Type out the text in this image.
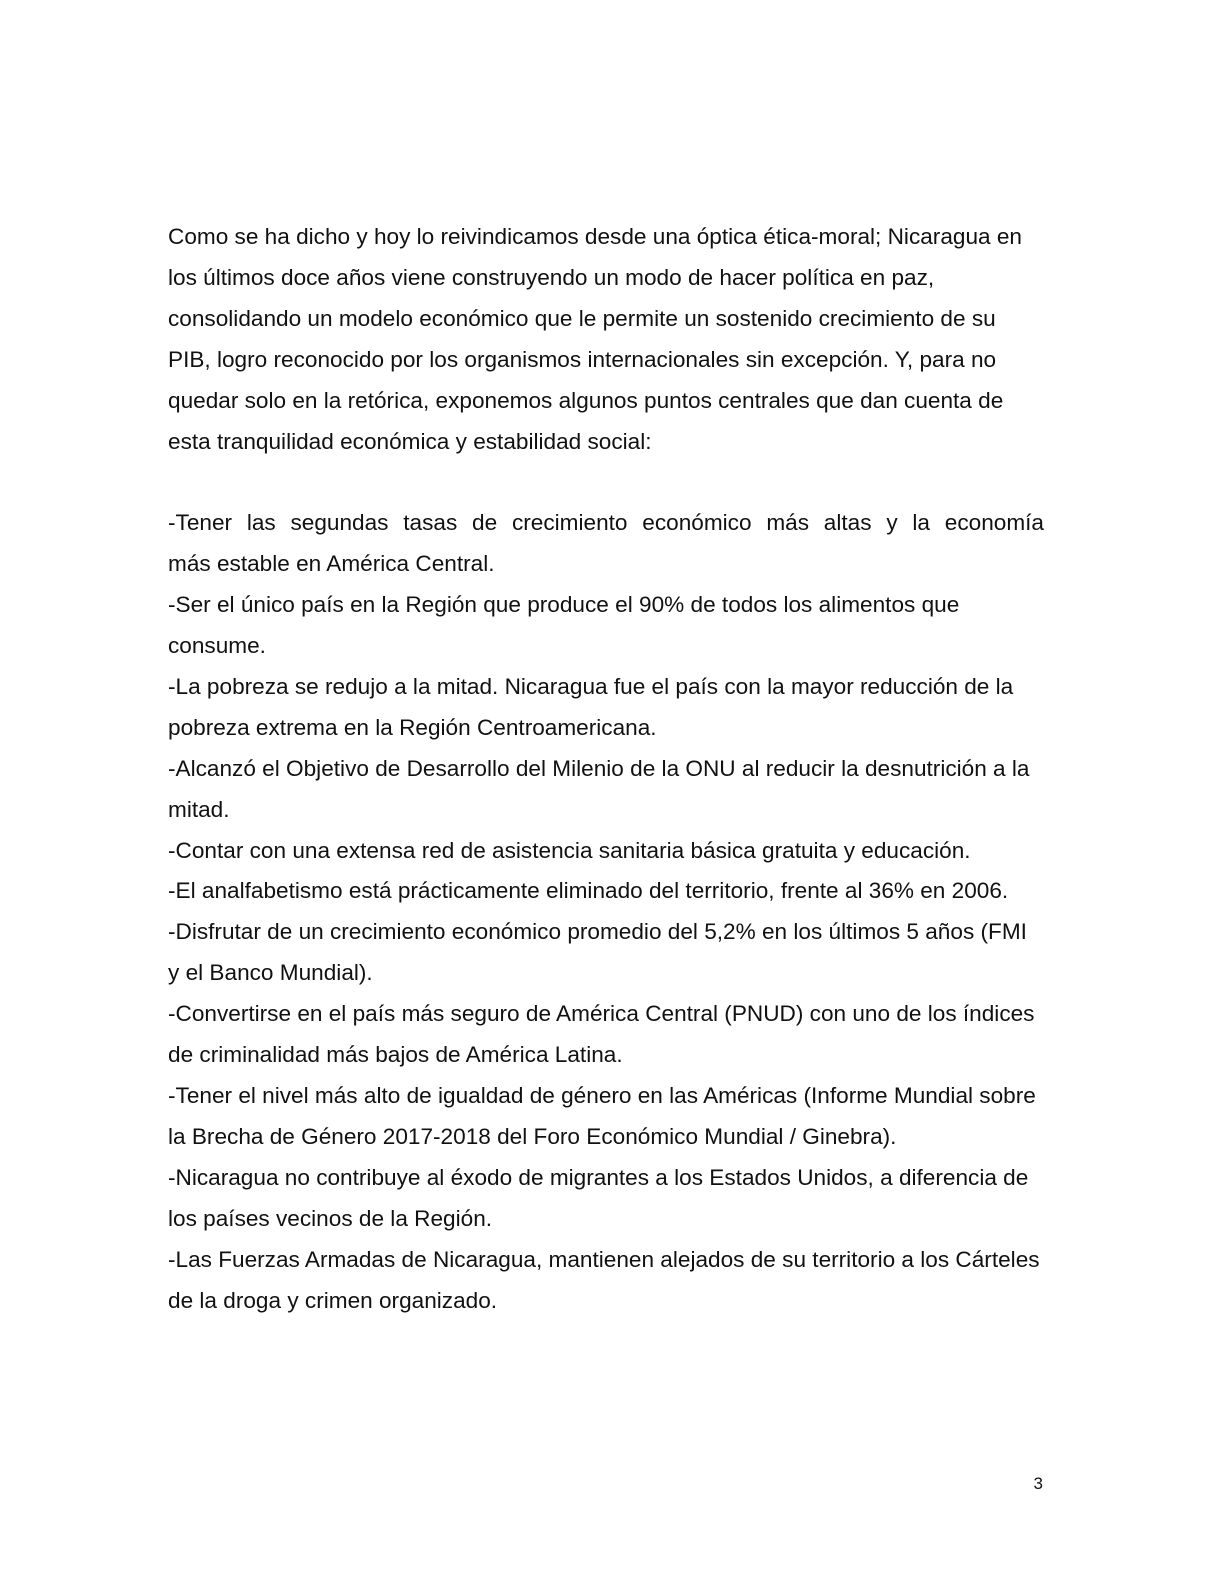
Como se ha dicho y hoy lo reivindicamos desde una óptica ética-moral; Nicaragua en los últimos doce años viene construyendo un modo de hacer política en paz, consolidando un modelo económico que le permite un sostenido crecimiento de su PIB, logro reconocido por los organismos internacionales sin excepción. Y, para no quedar solo en la retórica, exponemos algunos puntos centrales que dan cuenta de esta tranquilidad económica y estabilidad social:

-Tener las segundas tasas de crecimiento económico más altas y la economía
más estable en América Central.
-Ser el único país en la Región que produce el 90% de todos los alimentos que consume.
-La pobreza se redujo a la mitad. Nicaragua fue el país con la mayor reducción de la pobreza extrema en la Región Centroamericana.
-Alcanzó el Objetivo de Desarrollo del Milenio de la ONU al reducir la desnutrición a la mitad.
-Contar con una extensa red de asistencia sanitaria básica gratuita y educación.
-El analfabetismo está prácticamente eliminado del territorio, frente al 36% en 2006.
-Disfrutar de un crecimiento económico promedio del 5,2% en los últimos 5 años (FMI y el Banco Mundial).
-Convertirse en el país más seguro de América Central (PNUD) con uno de los índices de criminalidad más bajos de América Latina.
-Tener el nivel más alto de igualdad de género en las Américas (Informe Mundial sobre la Brecha de Género 2017-2018 del Foro Económico Mundial / Ginebra).
-Nicaragua no contribuye al éxodo de migrantes a los Estados Unidos, a diferencia de los países vecinos de la Región.
-Las Fuerzas Armadas de Nicaragua, mantienen alejados de su territorio a los Cárteles de la droga y crimen organizado.
3
